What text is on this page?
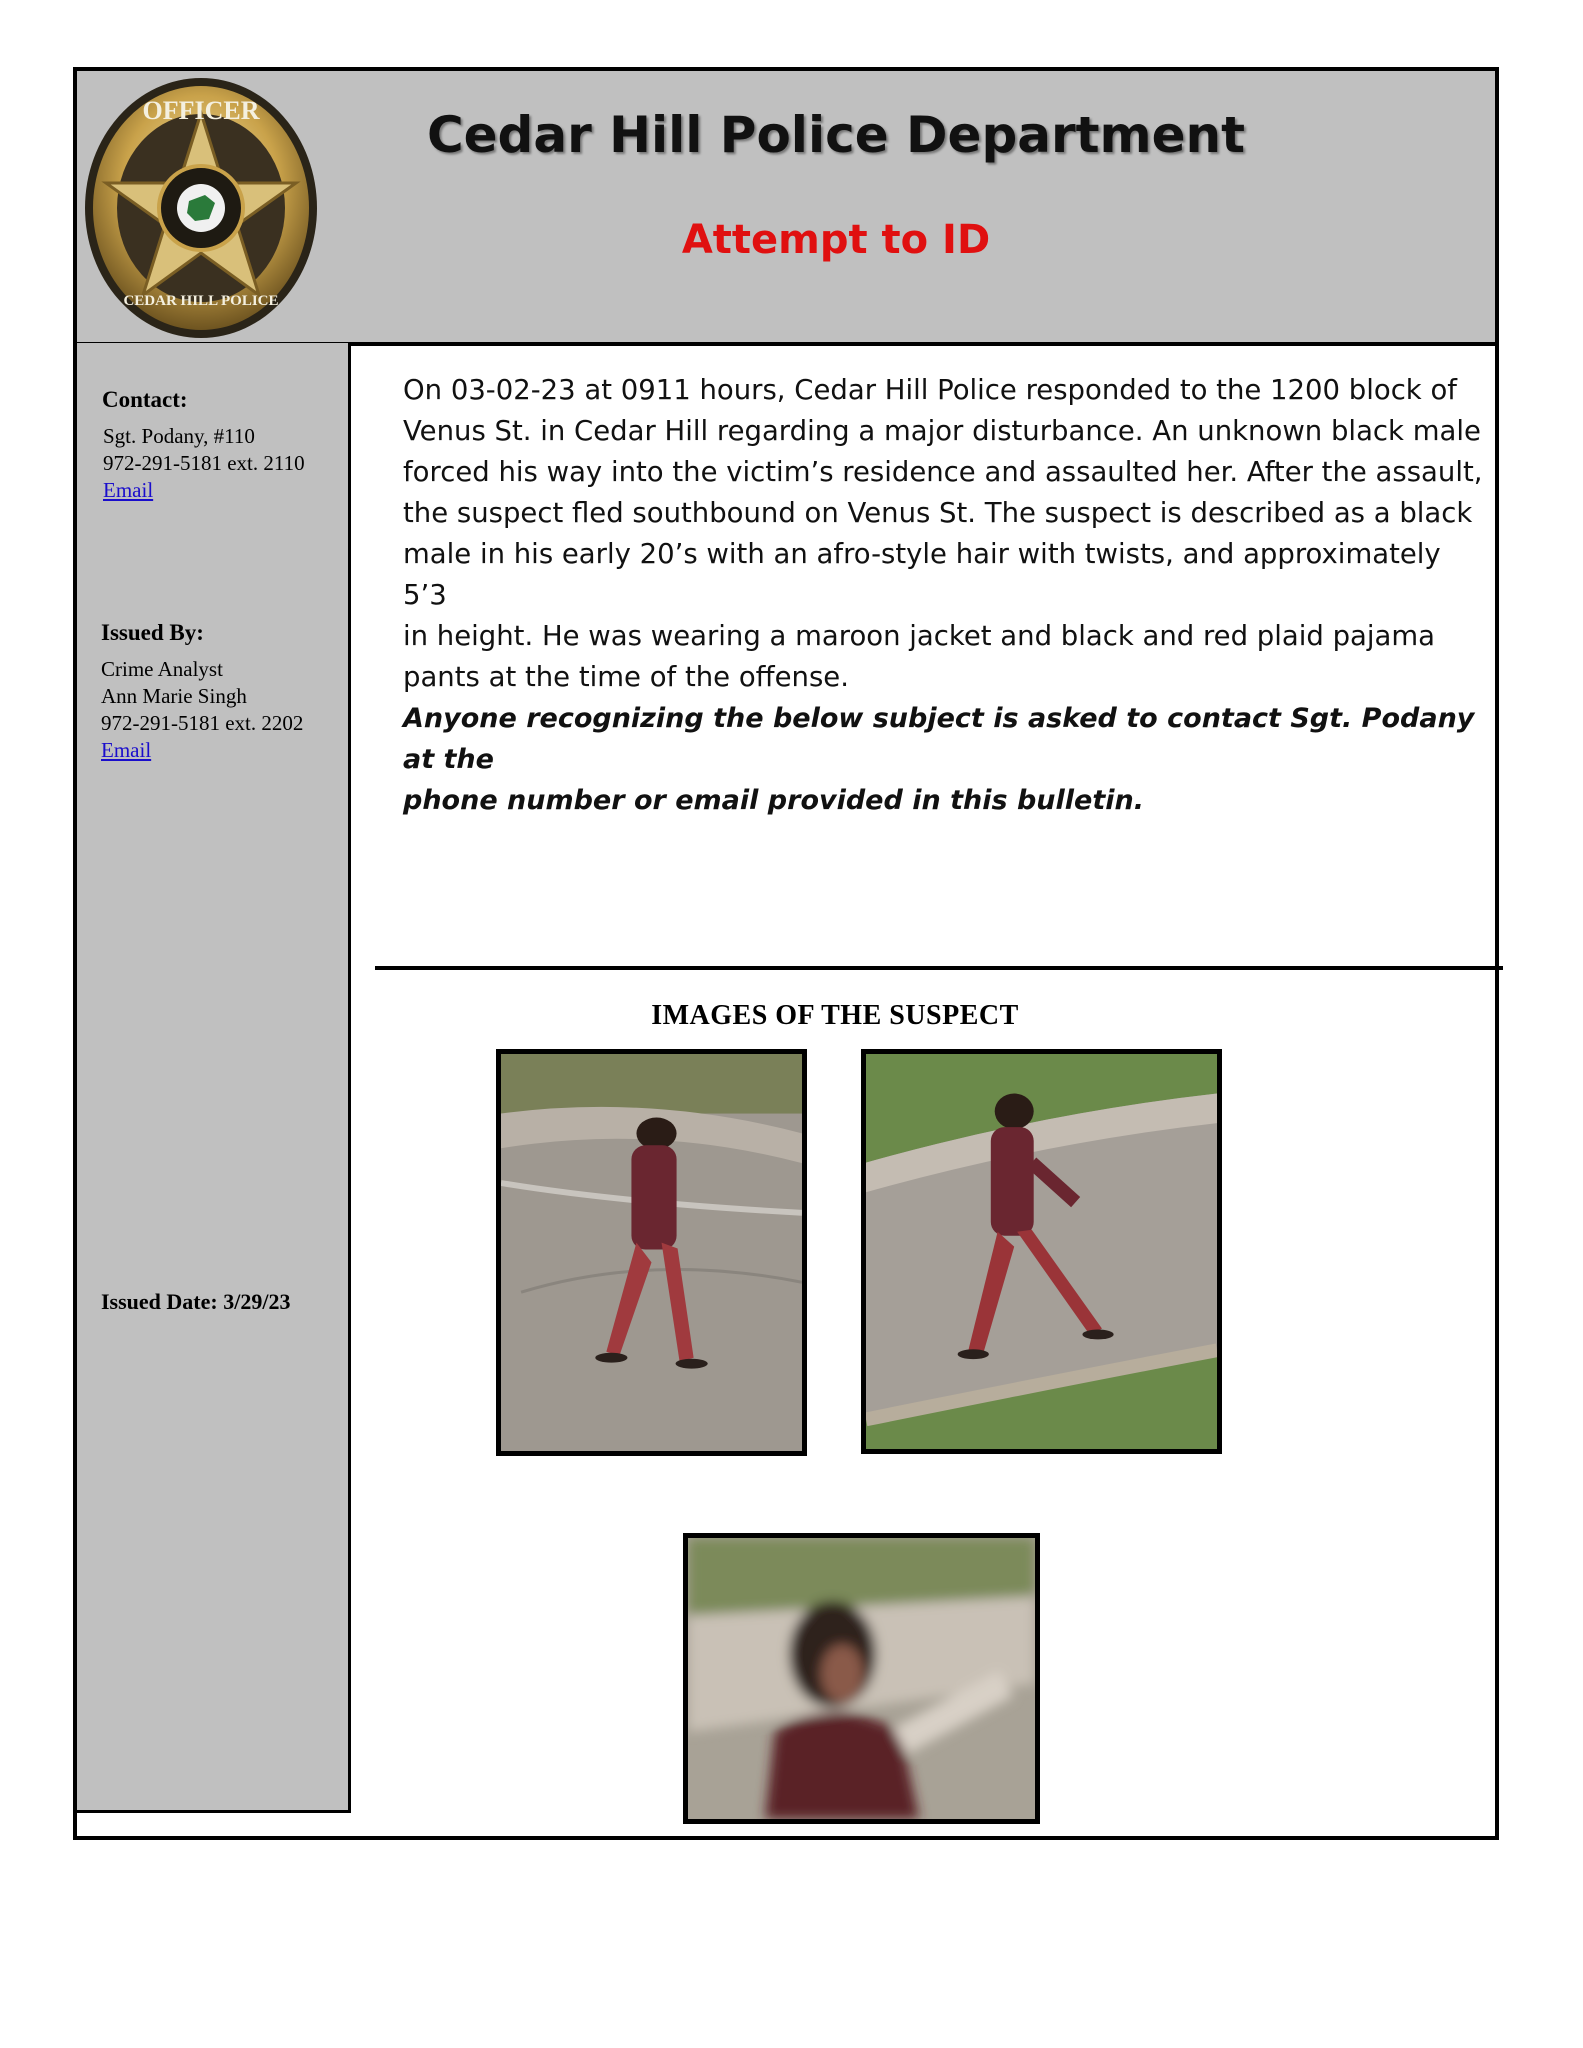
OFFICER
CEDAR HILL POLICE
Cedar Hill Police Department
Attempt to ID
Contact:
Sgt. Podany, #110
972-291-5181 ext. 2110
Email
Issued By:
Crime Analyst
Ann Marie Singh
972-291-5181 ext. 2202
Email
Issued Date: 3/29/23
On 03-02-23 at 0911 hours, Cedar Hill Police responded to the 1200 block of
Venus St. in Cedar Hill regarding a major disturbance. An unknown black male
forced his way into the victim’s residence and assaulted her. After the assault,
the suspect fled southbound on Venus St. The suspect is described as a black
male in his early 20’s with an afro-style hair with twists, and approximately 5’3
in height. He was wearing a maroon jacket and black and red plaid pajama
pants at the time of the offense.
Anyone recognizing the below subject is asked to contact Sgt. Podany at the
phone number or email provided in this bulletin.
IMAGES OF THE SUSPECT
